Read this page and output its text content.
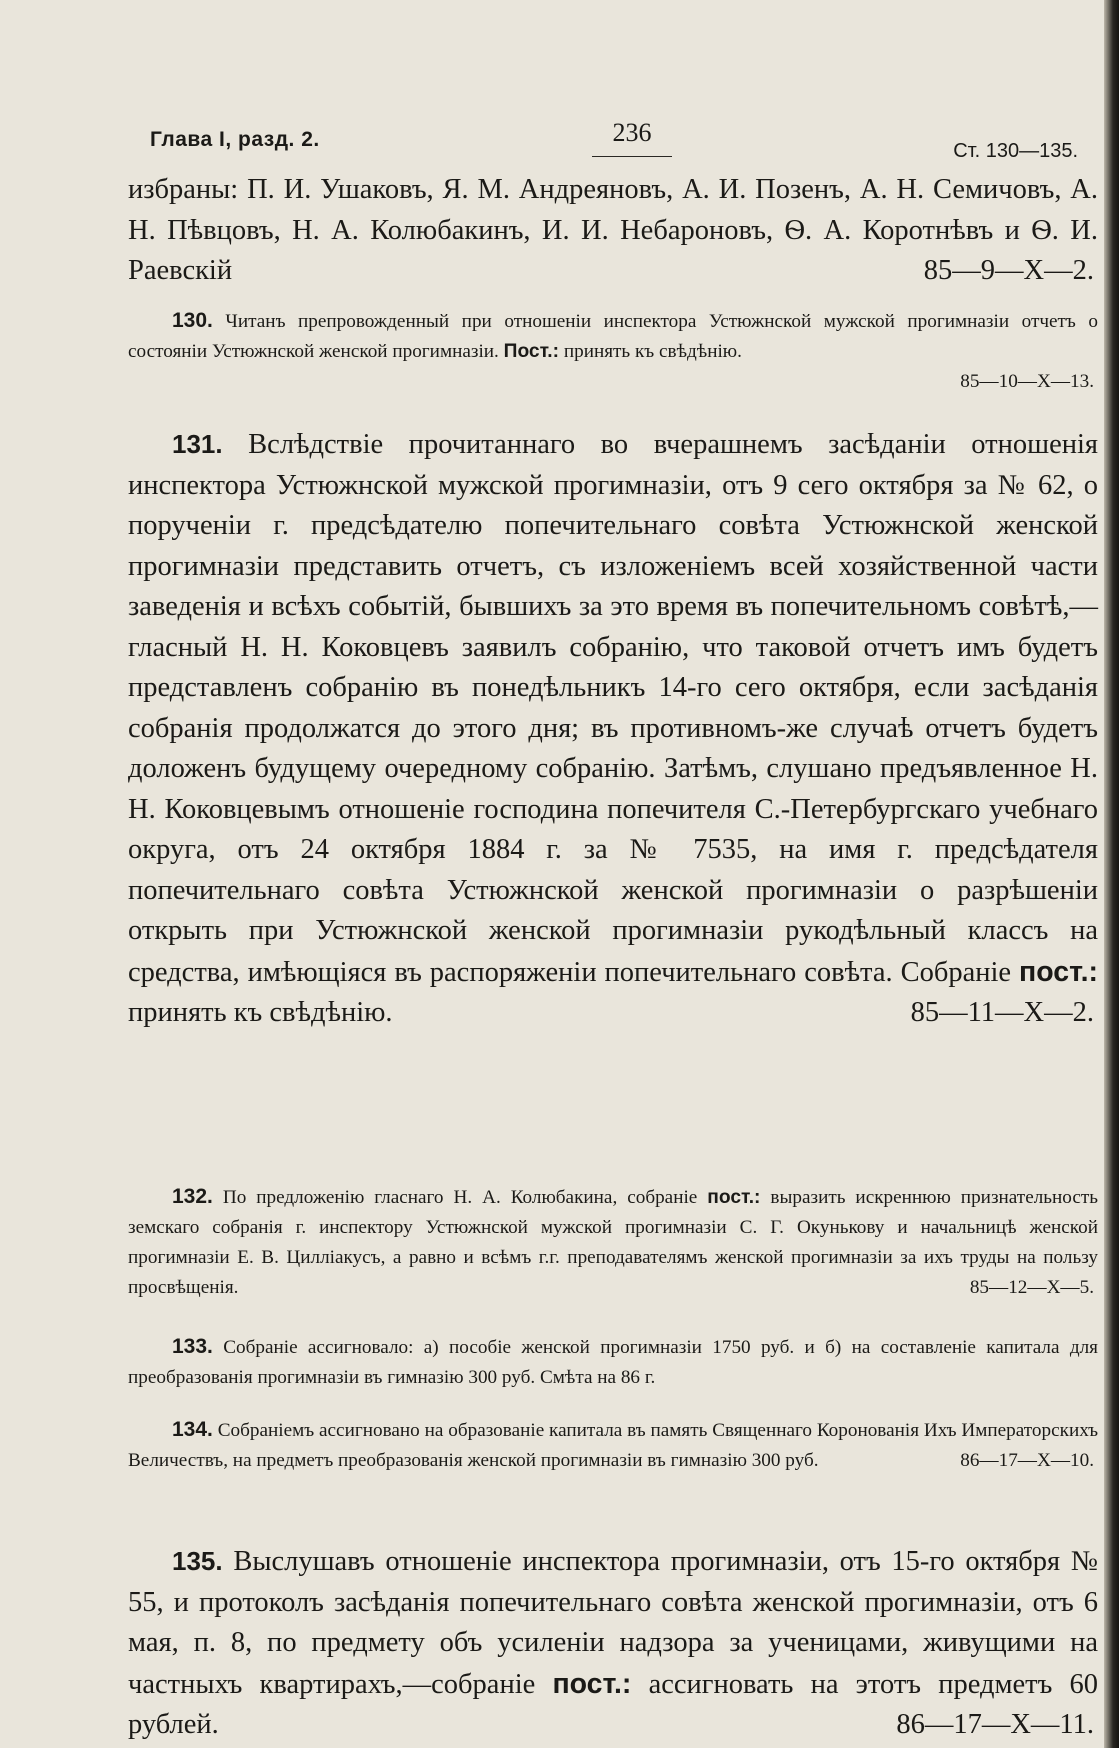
Глава I, разд. 2.	236
Ст. 130—135.
избраны: П. И. Ушаковъ, Я. М. Андреяновъ, А. И. Позенъ, А. Н. Семичовъ, А. Н. Пѣвцовъ, Н. А. Колюбакинъ, И. И. Небароновъ, Ѳ. А. Коротнѣвъ и Ѳ. И. Раевскій	85—9—Х—2.
130. Читанъ препровожденный при отношеніи инспектора Устюжнской мужской прогимназіи отчетъ о состояніи Устюжнской женской прогимназіи. Пост.: принять къ свѣдѣнію.
85—10—Х—13.
131. Вслѣдствіе прочитаннаго во вчерашнемъ засѣданіи отношенія инспектора Устюжнской мужской прогимназіи, отъ 9 сего октября за № 62, о порученіи г. предсѣдателю попечительнаго совѣта Устюжнской женской прогимназіи представить отчетъ, съ изложеніемъ всей хозяйственной части заведенія и всѣхъ событій, бывшихъ за это время въ попечительномъ совѣтѣ,—гласный Н. Н. Коковцевъ заявилъ собранію, что таковой отчетъ имъ будетъ представленъ собранію въ понедѣльникъ 14-го сего октября, если засѣданія собранія продолжатся до этого дня; въ противномъ-же случаѣ отчетъ будетъ доложенъ будущему очередному собранію. Затѣмъ, слушано предъявленное Н. Н. Коковцевымъ отношеніе господина попечителя С.-Петербургскаго учебнаго округа, отъ 24 октября 1884 г. за № 7535, на имя г. предсѣдателя попечительнаго совѣта Устюжнской женской прогимназіи о разрѣшеніи открыть при Устюжнской женской прогимназіи рукодѣльный классъ на средства, имѣющіяся въ распоряженіи попечительнаго совѣта. Собраніе пост.: принять къ свѣдѣнію.	85—11—Х—2.
132. По предложенію гласнаго Н. А. Колюбакина, собраніе пост.: выразить искреннюю признательность земскаго собранія г. инспектору Устюжнской мужской прогимназіи С. Г. Окунькову и начальницѣ женской прогимназіи Е. В. Цилліакусъ, а равно и всѣмъ г.г. преподавателямъ женской прогимназіи за ихъ труды на пользу просвѣщенія.	85—12—Х—5.
133. Собраніе ассигновало: а) пособіе женской прогимназіи 1750 руб. и б) на составленіе капитала для преобразованія прогимназіи въ гимназію 300 руб. Смѣта на 86 г.
134. Собраніемъ ассигновано на образованіе капитала въ память Священнаго Коронованія Ихъ Императорскихъ Величествъ, на предметъ преобразованія женской прогимназіи въ гимназію 300 руб.	86—17—Х—10.
135. Выслушавъ отношеніе инспектора прогимназіи, отъ 15-го октября № 55, и протоколъ засѣданія попечительнаго совѣта женской прогимназіи, отъ 6 мая, п. 8, по предмету объ усиленіи надзора за ученицами, живущими на частныхъ квартирахъ,—собраніе пост.: ассигновать на этотъ предметъ 60 рублей.	86—17—Х—11.
